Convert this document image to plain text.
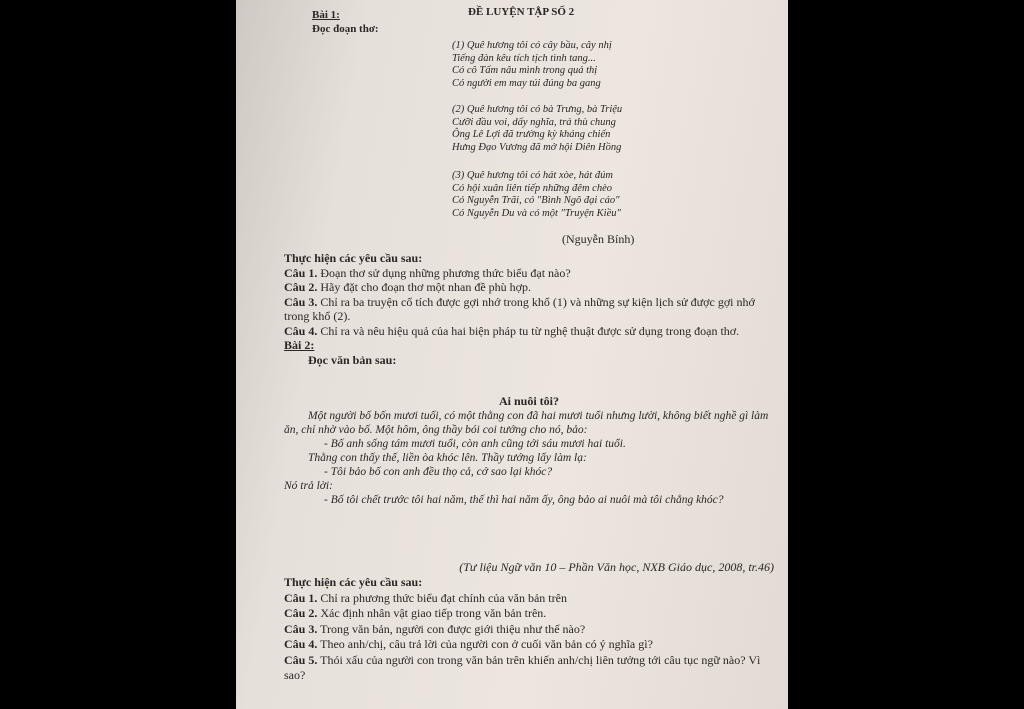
ĐỀ LUYỆN TẬP SỐ 2
Bài 1:
Đọc đoạn thơ:
(1) Quê hương tôi có cây bầu, cây nhị
Tiếng đàn kêu tích tịch tình tang...
Có cô Tấm nâu mình trong quả thị
Có người em may túi đúng ba gang
(2) Quê hương tôi có bà Trưng, bà Triệu
Cưỡi đầu voi, dấy nghĩa, trả thù chung
Ông Lê Lợi đã trường kỳ kháng chiến
Hưng Đạo Vương đã mở hội Diên Hồng
(3) Quê hương tôi có hát xòe, hát đúm
Có hội xuân liên tiếp những đêm chèo
Có Nguyễn Trãi, có "Bình Ngô đại cáo"
Có Nguyễn Du và có một "Truyện Kiều"
(Nguyễn Bính)
Thực hiện các yêu cầu sau:
Câu 1. Đoạn thơ sử dụng những phương thức biểu đạt nào?
Câu 2. Hãy đặt cho đoạn thơ một nhan đề phù hợp.
Câu 3. Chỉ ra ba truyện cổ tích được gợi nhớ trong khổ (1) và những sự kiện lịch sử được gợi nhớ trong khổ (2).
Câu 4. Chỉ ra và nêu hiệu quả của hai biện pháp tu từ nghệ thuật được sử dụng trong đoạn thơ.
Bài 2:
Đọc văn bản sau:
Ai nuôi tôi?
Một người bố bốn mươi tuổi, có một thằng con đã hai mươi tuổi nhưng lười, không biết nghề gì làm ăn, chỉ nhờ vào bố. Một hôm, ông thầy bói coi tướng cho nó, bảo:
- Bố anh sống tám mươi tuổi, còn anh cũng tới sáu mươi hai tuổi.
Thằng con thấy thế, liền òa khóc lên. Thầy tướng lấy làm lạ:
- Tôi bảo bố con anh đều thọ cả, cớ sao lại khóc?
Nó trả lời:
- Bố tôi chết trước tôi hai năm, thế thì hai năm ấy, ông bảo ai nuôi mà tôi chẳng khóc?
(Tư liệu Ngữ văn 10 – Phần Văn học, NXB Giáo dục, 2008, tr.46)
Thực hiện các yêu cầu sau:
Câu 1. Chỉ ra phương thức biểu đạt chính của văn bản trên
Câu 2. Xác định nhân vật giao tiếp trong văn bản trên.
Câu 3. Trong văn bản, người con được giới thiệu như thế nào?
Câu 4. Theo anh/chị, câu trả lời của người con ở cuối văn bản có ý nghĩa gì?
Câu 5. Thói xấu của người con trong văn bản trên khiến anh/chị liên tưởng tới câu tục ngữ nào? Vì sao?
